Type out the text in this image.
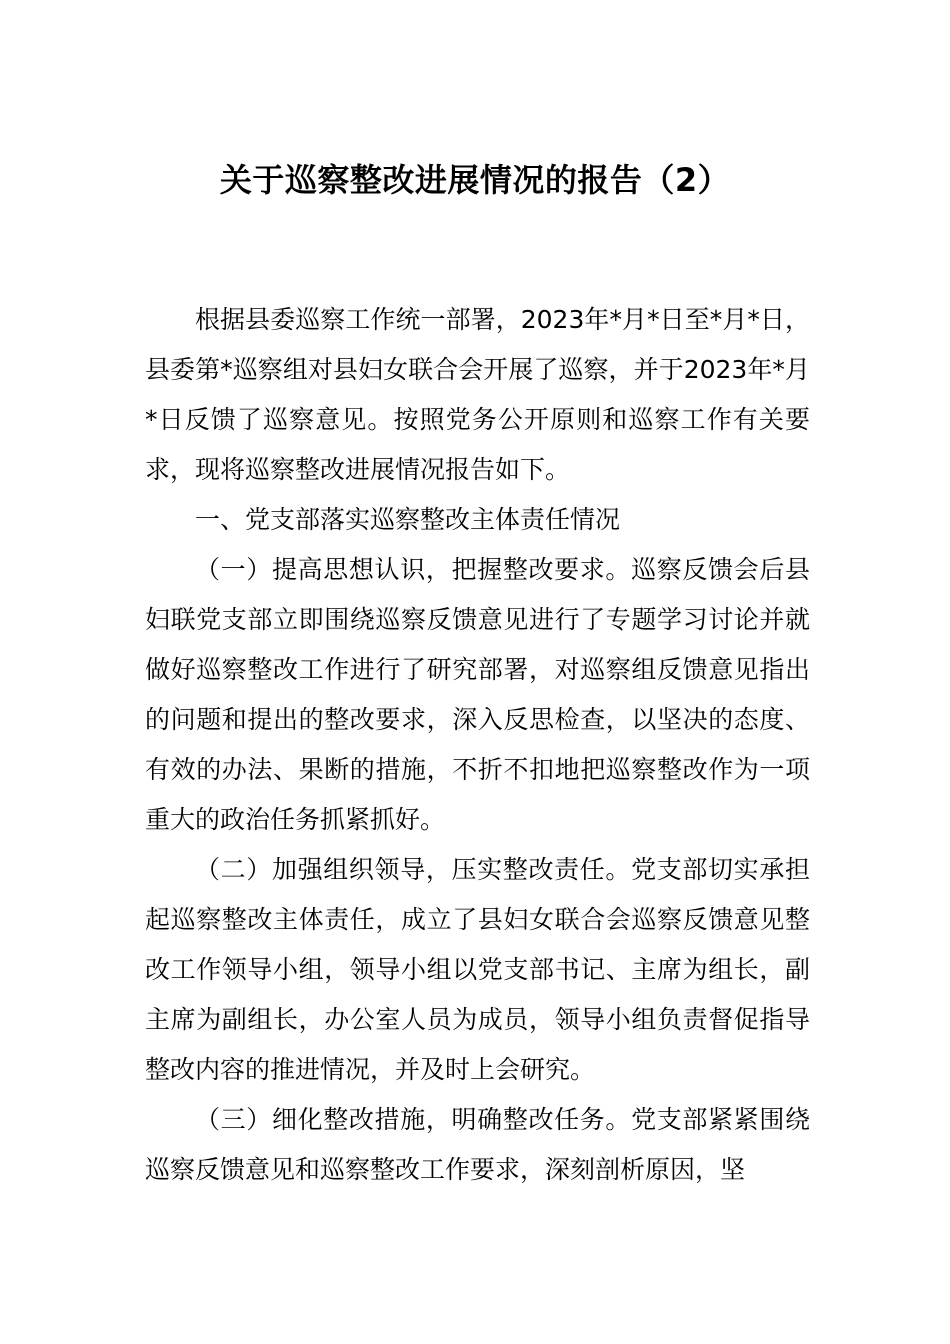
关于巡察整改进展情况的报告（2）

根据县委巡察工作统一部署，2023年*月*日至*月*日，县委第*巡察组对县妇女联合会开展了巡察，并于2023年*月*日反馈了巡察意见。按照党务公开原则和巡察工作有关要求，现将巡察整改进展情况报告如下。

一、党支部落实巡察整改主体责任情况

（一）提高思想认识，把握整改要求。巡察反馈会后县妇联党支部立即围绕巡察反馈意见进行了专题学习讨论并就做好巡察整改工作进行了研究部署，对巡察组反馈意见指出的问题和提出的整改要求，深入反思检查，以坚决的态度、有效的办法、果断的措施，不折不扣地把巡察整改作为一项重大的政治任务抓紧抓好。

（二）加强组织领导，压实整改责任。党支部切实承担起巡察整改主体责任，成立了县妇女联合会巡察反馈意见整改工作领导小组，领导小组以党支部书记、主席为组长，副主席为副组长，办公室人员为成员，领导小组负责督促指导整改内容的推进情况，并及时上会研究。

（三）细化整改措施，明确整改任务。党支部紧紧围绕巡察反馈意见和巡察整改工作要求，深刻剖析原因，坚
